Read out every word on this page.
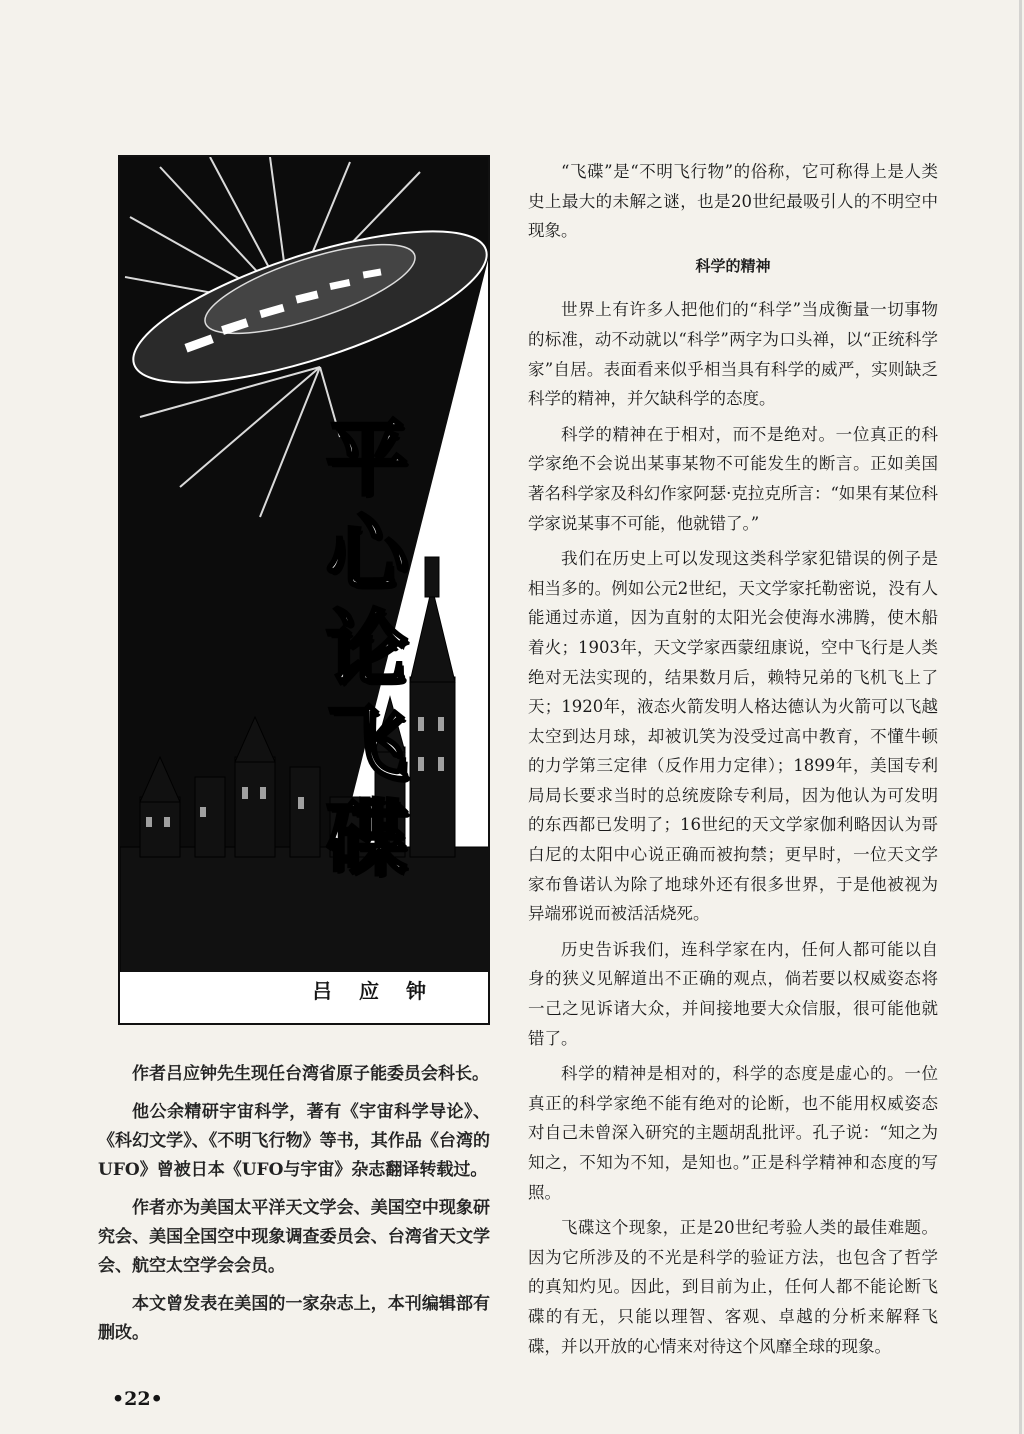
平
心
论
飞
碟
吕 应 钟

作者吕应钟先生现任台湾省原子能委员会科长。

他公余精研宇宙科学，著有《宇宙科学导论》、《科幻文学》、《不明飞行物》等书，其作品《台湾的UFO》曾被日本《UFO与宇宙》杂志翻译转载过。

作者亦为美国太平洋天文学会、美国空中现象研究会、美国全国空中现象调查委员会、台湾省天文学会、航空太空学会会员。

本文曾发表在美国的一家杂志上，本刊编辑部有删改。

•22•

“飞碟”是“不明飞行物”的俗称，它可称得上是人类史上最大的未解之谜，也是20世纪最吸引人的不明空中现象。

科学的精神

世界上有许多人把他们的“科学”当成衡量一切事物的标准，动不动就以“科学”两字为口头禅，以“正统科学家”自居。表面看来似乎相当具有科学的威严，实则缺乏科学的精神，并欠缺科学的态度。

科学的精神在于相对，而不是绝对。一位真正的科学家绝不会说出某事某物不可能发生的断言。正如美国著名科学家及科幻作家阿瑟·克拉克所言：“如果有某位科学家说某事不可能，他就错了。”

我们在历史上可以发现这类科学家犯错误的例子是相当多的。例如公元2世纪，天文学家托勒密说，没有人能通过赤道，因为直射的太阳光会使海水沸腾，使木船着火；1903年，天文学家西蒙纽康说，空中飞行是人类绝对无法实现的，结果数月后，赖特兄弟的飞机飞上了天；1920年，液态火箭发明人格达德认为火箭可以飞越太空到达月球，却被讥笑为没受过高中教育，不懂牛顿的力学第三定律（反作用力定律）；1899年，美国专利局局长要求当时的总统废除专利局，因为他认为可发明的东西都已发明了；16世纪的天文学家伽利略因认为哥白尼的太阳中心说正确而被拘禁；更早时，一位天文学家布鲁诺认为除了地球外还有很多世界，于是他被视为异端邪说而被活活烧死。

历史告诉我们，连科学家在内，任何人都可能以自身的狭义见解道出不正确的观点，倘若要以权威姿态将一己之见诉诸大众，并间接地要大众信服，很可能他就错了。

科学的精神是相对的，科学的态度是虚心的。一位真正的科学家绝不能有绝对的论断，也不能用权威姿态对自己未曾深入研究的主题胡乱批评。孔子说：“知之为知之，不知为不知，是知也。”正是科学精神和态度的写照。

飞碟这个现象，正是20世纪考验人类的最佳难题。因为它所涉及的不光是科学的验证方法，也包含了哲学的真知灼见。因此，到目前为止，任何人都不能论断飞碟的有无，只能以理智、客观、卓越的分析来解释飞碟，并以开放的心情来对待这个风靡全球的现象。
